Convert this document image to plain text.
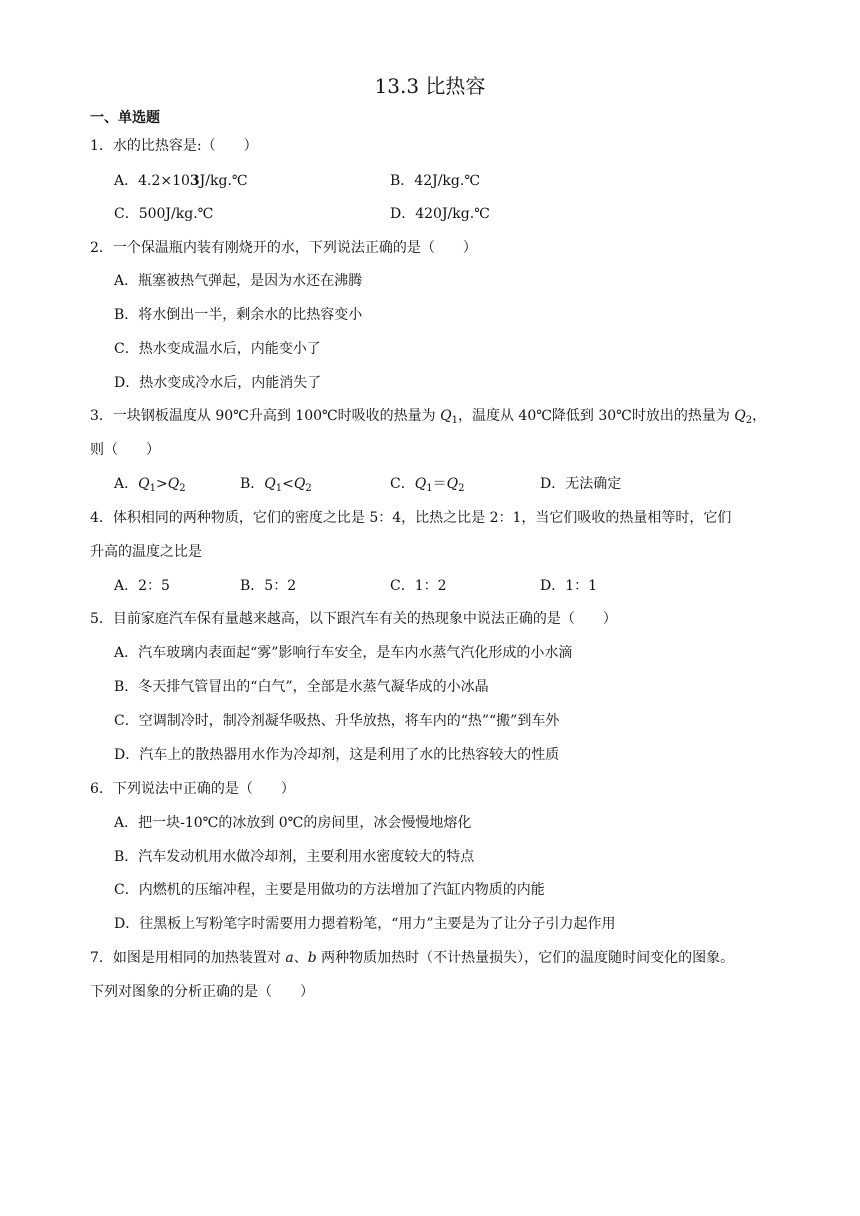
13.3 比热容
一、单选题
1．水的比热容是:（　　）
A．4.2×103J/kg.℃	B．42J/kg.℃
C．500J/kg.℃	D．420J/kg.℃
2．一个保温瓶内装有刚烧开的水，下列说法正确的是（　　）
A．瓶塞被热气弹起，是因为水还在沸腾
B．将水倒出一半，剩余水的比热容变小
C．热水变成温水后，内能变小了
D．热水变成冷水后，内能消失了
3．一块钢板温度从 90℃升高到 100℃时吸收的热量为 $Q_1$，温度从 40℃降低到 30℃时放出的热量为 $Q_2$，
则（　　）
A．$Q_1>Q_2$	B．$Q_1<Q_2$	C．$Q_1=Q_2$	D．无法确定
4．体积相同的两种物质，它们的密度之比是 5：4，比热之比是 2：1，当它们吸收的热量相等时，它们
升高的温度之比是
A．2：5	B．5：2	C．1：2	D．1：1
5．目前家庭汽车保有量越来越高，以下跟汽车有关的热现象中说法正确的是（　　）
A．汽车玻璃内表面起“雾”影响行车安全，是车内水蒸气汽化形成的小水滴
B．冬天排气管冒出的“白气”，全部是水蒸气凝华成的小冰晶
C．空调制冷时，制冷剂凝华吸热、升华放热，将车内的“热”“搬”到车外
D．汽车上的散热器用水作为冷却剂，这是利用了水的比热容较大的性质
6．下列说法中正确的是（　　）
A．把一块-10℃的冰放到 0℃的房间里，冰会慢慢地熔化
B．汽车发动机用水做冷却剂，主要利用水密度较大的特点
C．内燃机的压缩冲程，主要是用做功的方法增加了汽缸内物质的内能
D．往黑板上写粉笔字时需要用力摁着粉笔，“用力”主要是为了让分子引力起作用
7．如图是用相同的加热装置对 a、b 两种物质加热时（不计热量损失），它们的温度随时间变化的图象。
下列对图象的分析正确的是（　　）
